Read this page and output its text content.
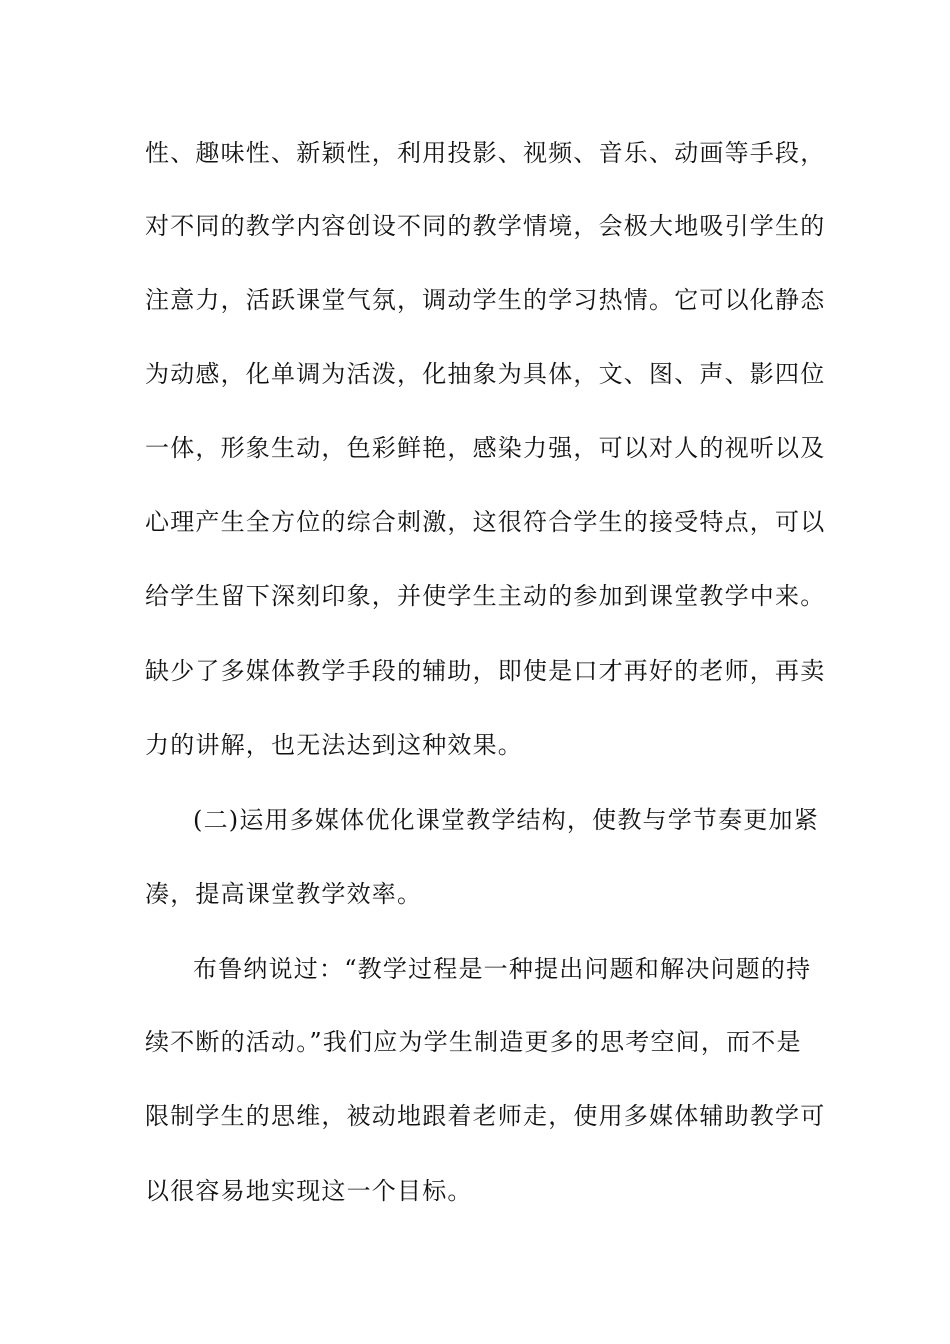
性、趣味性、新颖性，利用投影、视频、音乐、动画等手段，
对不同的教学内容创设不同的教学情境，会极大地吸引学生的
注意力，活跃课堂气氛，调动学生的学习热情。它可以化静态
为动感，化单调为活泼，化抽象为具体，文、图、声、影四位
一体，形象生动，色彩鲜艳，感染力强，可以对人的视听以及
心理产生全方位的综合刺激，这很符合学生的接受特点，可以
给学生留下深刻印象，并使学生主动的参加到课堂教学中来。
缺少了多媒体教学手段的辅助，即使是口才再好的老师，再卖
力的讲解，也无法达到这种效果。
(二)运用多媒体优化课堂教学结构，使教与学节奏更加紧
凑，提高课堂教学效率。
布鲁纳说过：“教学过程是一种提出问题和解决问题的持
续不断的活动。”我们应为学生制造更多的思考空间，而不是
限制学生的思维，被动地跟着老师走，使用多媒体辅助教学可
以很容易地实现这一个目标。
